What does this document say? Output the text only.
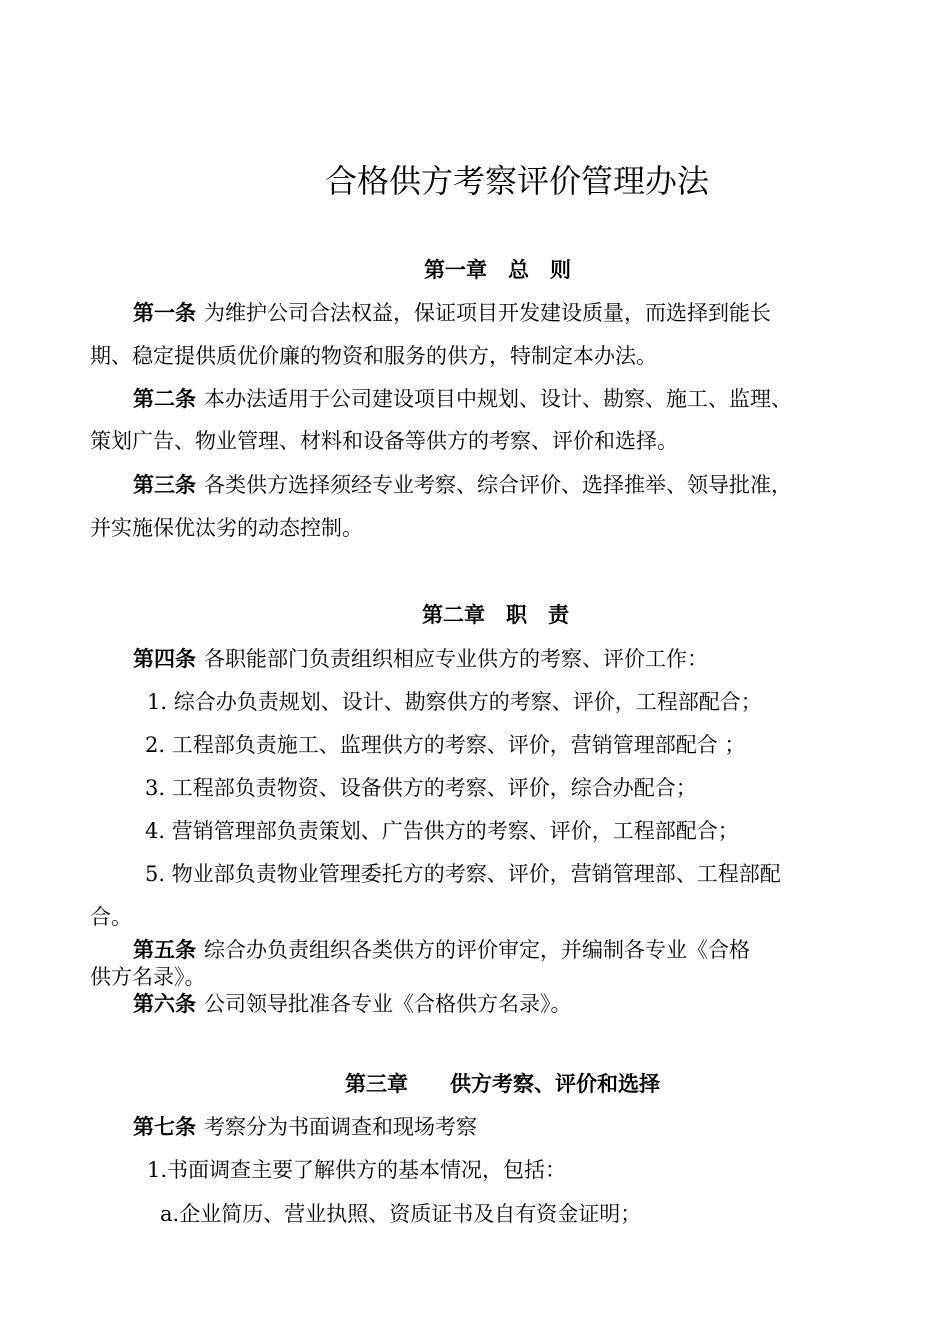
合格供方考察评价管理办法
第一章　总　则
第一条 为维护公司合法权益，保证项目开发建设质量，而选择到能长
期、稳定提供质优价廉的物资和服务的供方，特制定本办法。
第二条 本办法适用于公司建设项目中规划、设计、勘察、施工、监理、
策划广告、物业管理、材料和设备等供方的考察、评价和选择。
第三条 各类供方选择须经专业考察、综合评价、选择推举、领导批准，
并实施保优汰劣的动态控制。
第二章　职　责
第四条 各职能部门负责组织相应专业供方的考察、评价工作：
1. 综合办负责规划、设计、勘察供方的考察、评价，工程部配合；
2. 工程部负责施工、监理供方的考察、评价，营销管理部配合 ；
3. 工程部负责物资、设备供方的考察、评价，综合办配合；
4. 营销管理部负责策划、广告供方的考察、评价，工程部配合；
5. 物业部负责物业管理委托方的考察、评价，营销管理部、工程部配
合。
第五条 综合办负责组织各类供方的评价审定，并编制各专业《合格
供方名录》。
第六条 公司领导批准各专业《合格供方名录》。
第三章　　供方考察、评价和选择
第七条 考察分为书面调查和现场考察
1.书面调查主要了解供方的基本情况，包括：
a.企业简历、营业执照、资质证书及自有资金证明；
